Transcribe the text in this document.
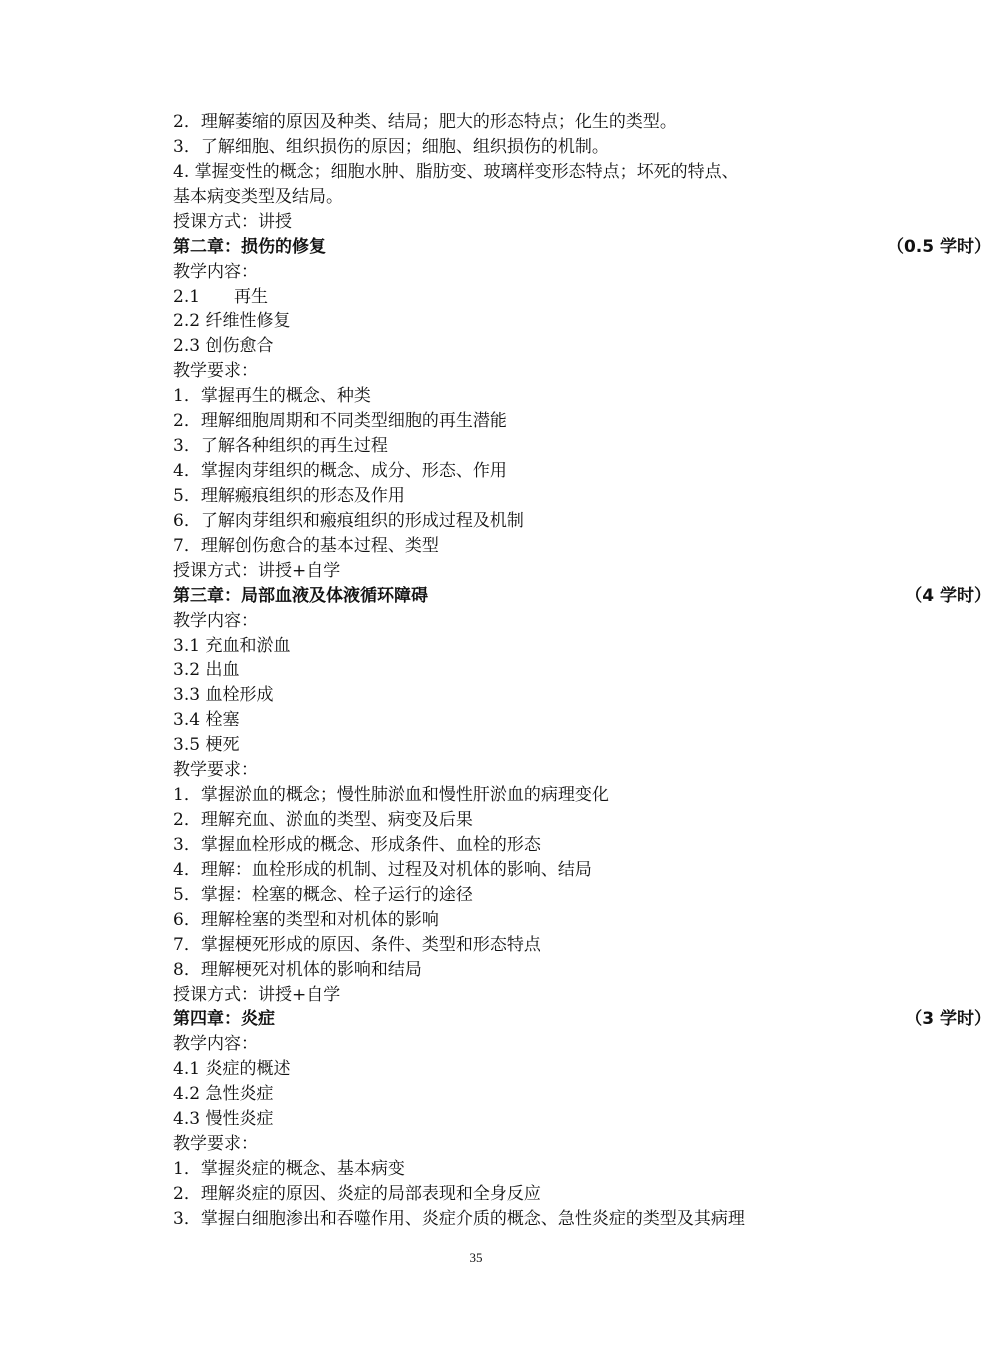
2．理解萎缩的原因及种类、结局；肥大的形态特点；化生的类型。
3．了解细胞、组织损伤的原因；细胞、组织损伤的机制。
4. 掌握变性的概念；细胞水肿、脂肪变、玻璃样变形态特点；坏死的特点、
基本病变类型及结局。
授课方式：讲授
第二章：损伤的修复	（0.5 学时）
教学内容：
2.1　　再生
2.2 纤维性修复
2.3 创伤愈合
教学要求：
1．掌握再生的概念、种类
2．理解细胞周期和不同类型细胞的再生潜能
3．了解各种组织的再生过程
4．掌握肉芽组织的概念、成分、形态、作用
5．理解瘢痕组织的形态及作用
6．了解肉芽组织和瘢痕组织的形成过程及机制
7．理解创伤愈合的基本过程、类型
授课方式：讲授+自学
第三章：局部血液及体液循环障碍	（4 学时）
教学内容：
3.1 充血和淤血
3.2 出血
3.3 血栓形成
3.4 栓塞
3.5 梗死
教学要求：
1．掌握淤血的概念；慢性肺淤血和慢性肝淤血的病理变化
2．理解充血、淤血的类型、病变及后果
3．掌握血栓形成的概念、形成条件、血栓的形态
4．理解：血栓形成的机制、过程及对机体的影响、结局
5．掌握：栓塞的概念、栓子运行的途径
6．理解栓塞的类型和对机体的影响
7．掌握梗死形成的原因、条件、类型和形态特点
8．理解梗死对机体的影响和结局
授课方式：讲授+自学
第四章：炎症	（3 学时）
教学内容：
4.1 炎症的概述
4.2 急性炎症
4.3 慢性炎症
教学要求：
1．掌握炎症的概念、基本病变
2．理解炎症的原因、炎症的局部表现和全身反应
3．掌握白细胞渗出和吞噬作用、炎症介质的概念、急性炎症的类型及其病理
35
